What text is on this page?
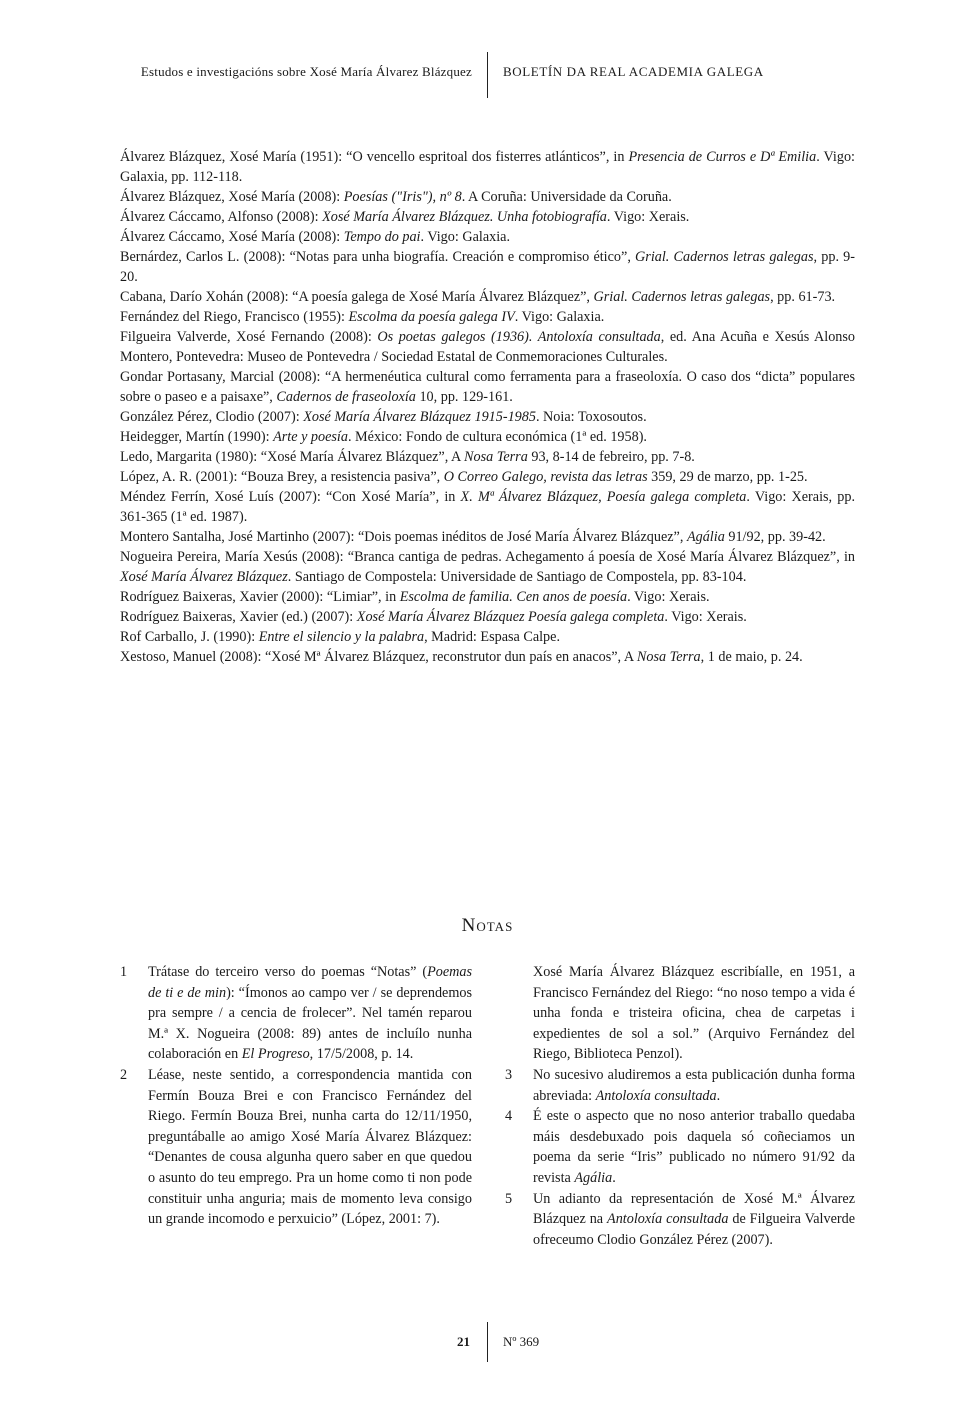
Estudos e investigacións sobre Xosé María Álvarez Blázquez BOLETÍN DA REAL ACADEMIA GALEGA

Álvarez Blázquez, Xosé María (1951): “O vencello espritoal dos fisterres atlánticos”, in Presencia de Curros e Dª Emilia. Vigo: Galaxia, pp. 112-118.

Álvarez Blázquez, Xosé María (2008): Poesías ("Iris"), nº 8. A Coruña: Universidade da Coruña.

Álvarez Cáccamo, Alfonso (2008): Xosé María Álvarez Blázquez. Unha fotobiografía. Vigo: Xerais.

Álvarez Cáccamo, Xosé María (2008): Tempo do pai. Vigo: Galaxia.

Bernárdez, Carlos L. (2008): “Notas para unha biografía. Creación e compromiso ético”, Grial. Cadernos letras galegas, pp. 9-20.

Cabana, Darío Xohán (2008): “A poesía galega de Xosé María Álvarez Blázquez”, Grial. Cadernos letras galegas, pp. 61-73.

Fernández del Riego, Francisco (1955): Escolma da poesía galega IV. Vigo: Galaxia.

Filgueira Valverde, Xosé Fernando (2008): Os poetas galegos (1936). Antoloxía consultada, ed. Ana Acuña e Xesús Alonso Montero, Pontevedra: Museo de Pontevedra / Sociedad Estatal de Conmemoraciones Culturales.

Gondar Portasany, Marcial (2008): “A hermenéutica cultural como ferramenta para a fraseoloxía. O caso dos “dicta” populares sobre o paseo e a paisaxe”, Cadernos de fraseoloxía 10, pp. 129-161.

González Pérez, Clodio (2007): Xosé María Álvarez Blázquez 1915-1985. Noia: Toxosoutos.

Heidegger, Martín (1990): Arte y poesía. México: Fondo de cultura económica (1ª ed. 1958).

Ledo, Margarita (1980): “Xosé María Álvarez Blázquez”, A Nosa Terra 93, 8-14 de febreiro, pp. 7-8.

López, A. R. (2001): “Bouza Brey, a resistencia pasiva”, O Correo Galego, revista das letras 359, 29 de marzo, pp. 1-25.

Méndez Ferrín, Xosé Luís (2007): “Con Xosé María”, in X. Mª Álvarez Blázquez, Poesía galega completa. Vigo: Xerais, pp. 361-365 (1ª ed. 1987).

Montero Santalha, José Martinho (2007): “Dois poemas inéditos de José María Álvarez Blázquez”, Agália 91/92, pp. 39-42.

Nogueira Pereira, María Xesús (2008): “Branca cantiga de pedras. Achegamento á poesía de Xosé María Álvarez Blázquez”, in Xosé María Álvarez Blázquez. Santiago de Compostela: Universidade de Santiago de Compostela, pp. 83-104.

Rodríguez Baixeras, Xavier (2000): “Limiar”, in Escolma de familia. Cen anos de poesía. Vigo: Xerais.

Rodríguez Baixeras, Xavier (ed.) (2007): Xosé María Álvarez Blázquez Poesía galega completa. Vigo: Xerais.

Rof Carballo, J. (1990): Entre el silencio y la palabra, Madrid: Espasa Calpe.

Xestoso, Manuel (2008): “Xosé Mª Álvarez Blázquez, reconstrutor dun país en anacos”, A Nosa Terra, 1 de maio, p. 24.

Notas
1	Trátase do terceiro verso do poemas “Notas” (Poemas de ti e de min): “Ímonos ao campo ver / se deprendemos pra sempre / a cencia de frolecer”. Nel tamén reparou M.ª X. Nogueira (2008: 89) antes de incluílo nunha colaboración en El Progreso, 17/5/2008, p. 14.
2	Léase, neste sentido, a correspondencia mantida con Fermín Bouza Brei e con Francisco Fernández del Riego. Fermín Bouza Brei, nunha carta do 12/11/1950, preguntáballe ao amigo Xosé María Álvarez Blázquez: “Denantes de cousa algunha quero saber en que quedou o asunto do teu emprego. Pra un home como ti non pode constituir unha anguria; mais de momento leva consigo un grande incomodo e perxuicio” (López, 2001: 7).

Xosé María Álvarez Blázquez escribíalle, en 1951, a Francisco Fernández del Riego: “no noso tempo a vida é unha fonda e tristeira oficina, chea de carpetas i expedientes de sol a sol.” (Arquivo Fernández del Riego, Biblioteca Penzol).

3	No sucesivo aludiremos a esta publicación dunha forma abreviada: Antoloxía consultada.
4	É este o aspecto que no noso anterior traballo quedaba máis desdebuxado pois daquela só coñeciamos un poema da serie “Iris” publicado no número 91/92 da revista Agália.
5	Un adianto da representación de Xosé M.ª Álvarez Blázquez na Antoloxía consultada de Filgueira Valverde ofreceumo Clodio González Pérez (2007).
21	Nº 369
